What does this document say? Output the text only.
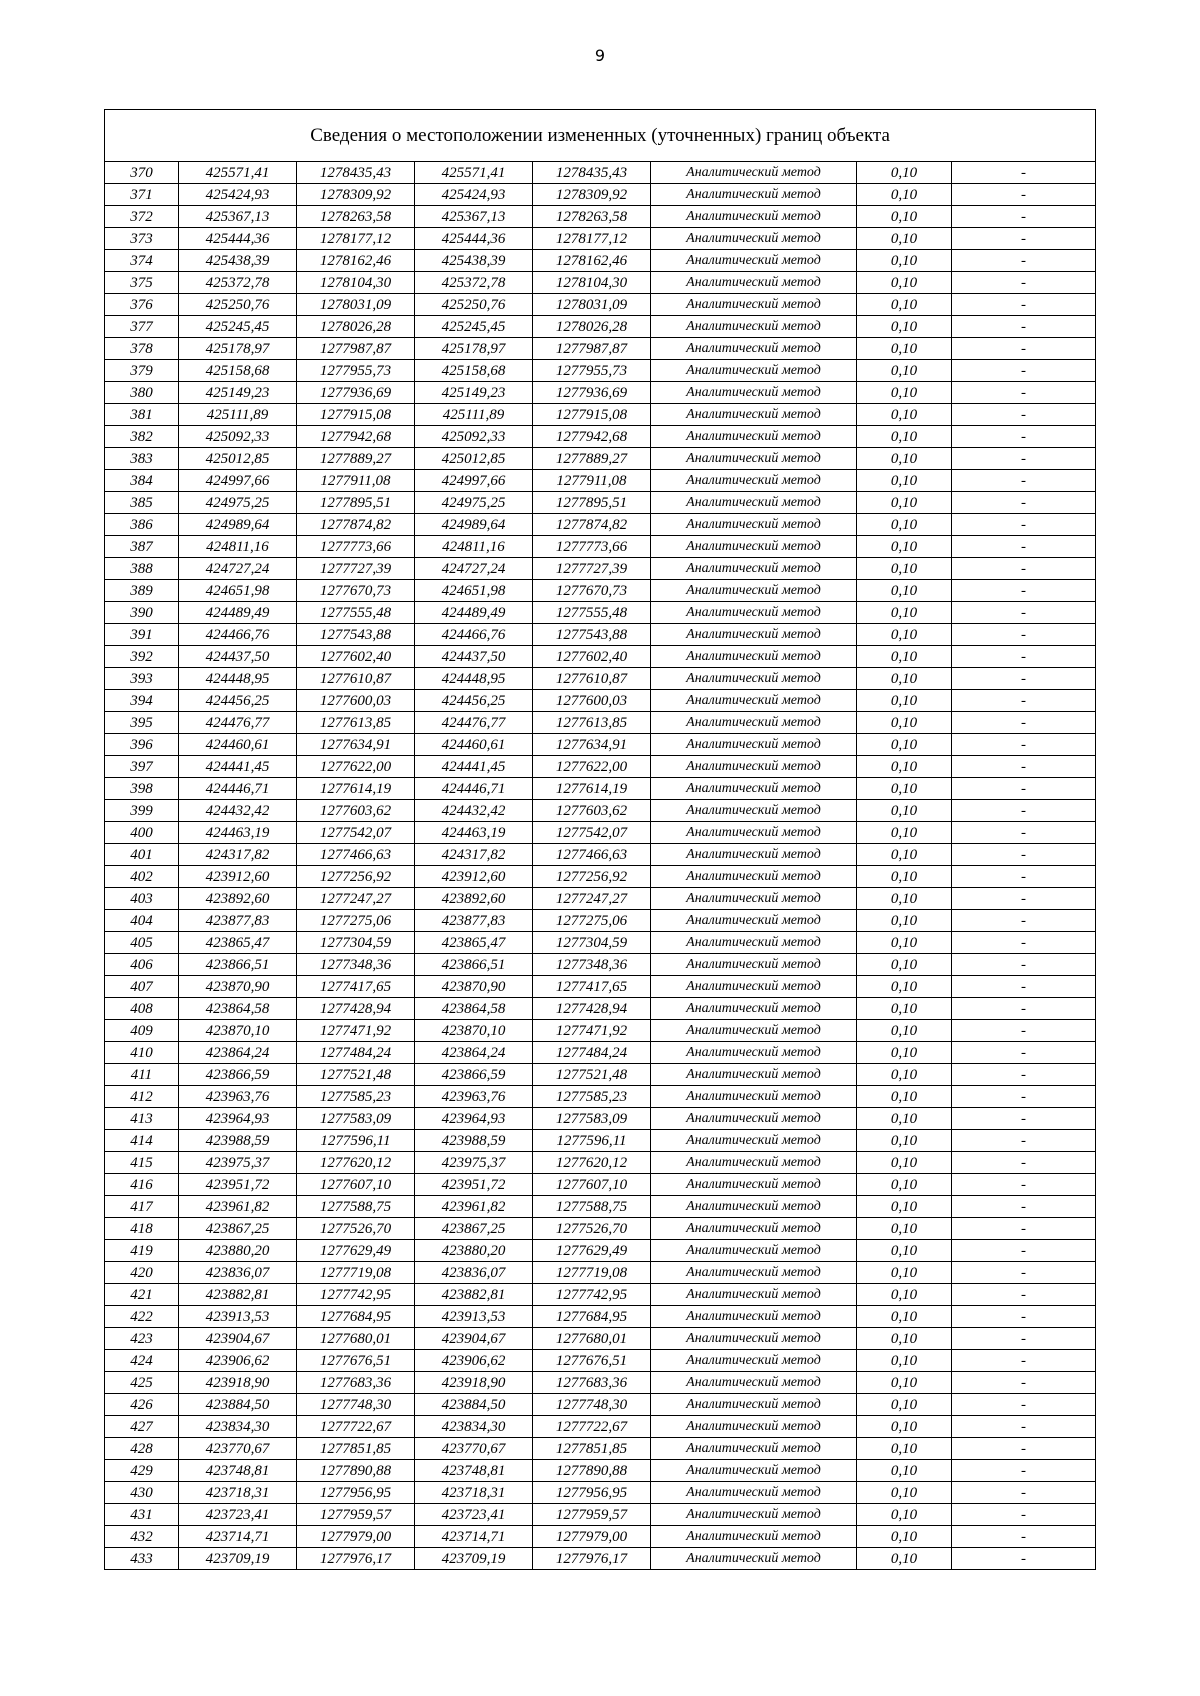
9
Сведения о местоположении измененных (уточненных) границ объекта							
370	425571,41	1278435,43	425571,41	1278435,43	Аналитический метод	0,10	-
371	425424,93	1278309,92	425424,93	1278309,92	Аналитический метод	0,10	-
372	425367,13	1278263,58	425367,13	1278263,58	Аналитический метод	0,10	-
373	425444,36	1278177,12	425444,36	1278177,12	Аналитический метод	0,10	-
374	425438,39	1278162,46	425438,39	1278162,46	Аналитический метод	0,10	-
375	425372,78	1278104,30	425372,78	1278104,30	Аналитический метод	0,10	-
376	425250,76	1278031,09	425250,76	1278031,09	Аналитический метод	0,10	-
377	425245,45	1278026,28	425245,45	1278026,28	Аналитический метод	0,10	-
378	425178,97	1277987,87	425178,97	1277987,87	Аналитический метод	0,10	-
379	425158,68	1277955,73	425158,68	1277955,73	Аналитический метод	0,10	-
380	425149,23	1277936,69	425149,23	1277936,69	Аналитический метод	0,10	-
381	425111,89	1277915,08	425111,89	1277915,08	Аналитический метод	0,10	-
382	425092,33	1277942,68	425092,33	1277942,68	Аналитический метод	0,10	-
383	425012,85	1277889,27	425012,85	1277889,27	Аналитический метод	0,10	-
384	424997,66	1277911,08	424997,66	1277911,08	Аналитический метод	0,10	-
385	424975,25	1277895,51	424975,25	1277895,51	Аналитический метод	0,10	-
386	424989,64	1277874,82	424989,64	1277874,82	Аналитический метод	0,10	-
387	424811,16	1277773,66	424811,16	1277773,66	Аналитический метод	0,10	-
388	424727,24	1277727,39	424727,24	1277727,39	Аналитический метод	0,10	-
389	424651,98	1277670,73	424651,98	1277670,73	Аналитический метод	0,10	-
390	424489,49	1277555,48	424489,49	1277555,48	Аналитический метод	0,10	-
391	424466,76	1277543,88	424466,76	1277543,88	Аналитический метод	0,10	-
392	424437,50	1277602,40	424437,50	1277602,40	Аналитический метод	0,10	-
393	424448,95	1277610,87	424448,95	1277610,87	Аналитический метод	0,10	-
394	424456,25	1277600,03	424456,25	1277600,03	Аналитический метод	0,10	-
395	424476,77	1277613,85	424476,77	1277613,85	Аналитический метод	0,10	-
396	424460,61	1277634,91	424460,61	1277634,91	Аналитический метод	0,10	-
397	424441,45	1277622,00	424441,45	1277622,00	Аналитический метод	0,10	-
398	424446,71	1277614,19	424446,71	1277614,19	Аналитический метод	0,10	-
399	424432,42	1277603,62	424432,42	1277603,62	Аналитический метод	0,10	-
400	424463,19	1277542,07	424463,19	1277542,07	Аналитический метод	0,10	-
401	424317,82	1277466,63	424317,82	1277466,63	Аналитический метод	0,10	-
402	423912,60	1277256,92	423912,60	1277256,92	Аналитический метод	0,10	-
403	423892,60	1277247,27	423892,60	1277247,27	Аналитический метод	0,10	-
404	423877,83	1277275,06	423877,83	1277275,06	Аналитический метод	0,10	-
405	423865,47	1277304,59	423865,47	1277304,59	Аналитический метод	0,10	-
406	423866,51	1277348,36	423866,51	1277348,36	Аналитический метод	0,10	-
407	423870,90	1277417,65	423870,90	1277417,65	Аналитический метод	0,10	-
408	423864,58	1277428,94	423864,58	1277428,94	Аналитический метод	0,10	-
409	423870,10	1277471,92	423870,10	1277471,92	Аналитический метод	0,10	-
410	423864,24	1277484,24	423864,24	1277484,24	Аналитический метод	0,10	-
411	423866,59	1277521,48	423866,59	1277521,48	Аналитический метод	0,10	-
412	423963,76	1277585,23	423963,76	1277585,23	Аналитический метод	0,10	-
413	423964,93	1277583,09	423964,93	1277583,09	Аналитический метод	0,10	-
414	423988,59	1277596,11	423988,59	1277596,11	Аналитический метод	0,10	-
415	423975,37	1277620,12	423975,37	1277620,12	Аналитический метод	0,10	-
416	423951,72	1277607,10	423951,72	1277607,10	Аналитический метод	0,10	-
417	423961,82	1277588,75	423961,82	1277588,75	Аналитический метод	0,10	-
418	423867,25	1277526,70	423867,25	1277526,70	Аналитический метод	0,10	-
419	423880,20	1277629,49	423880,20	1277629,49	Аналитический метод	0,10	-
420	423836,07	1277719,08	423836,07	1277719,08	Аналитический метод	0,10	-
421	423882,81	1277742,95	423882,81	1277742,95	Аналитический метод	0,10	-
422	423913,53	1277684,95	423913,53	1277684,95	Аналитический метод	0,10	-
423	423904,67	1277680,01	423904,67	1277680,01	Аналитический метод	0,10	-
424	423906,62	1277676,51	423906,62	1277676,51	Аналитический метод	0,10	-
425	423918,90	1277683,36	423918,90	1277683,36	Аналитический метод	0,10	-
426	423884,50	1277748,30	423884,50	1277748,30	Аналитический метод	0,10	-
427	423834,30	1277722,67	423834,30	1277722,67	Аналитический метод	0,10	-
428	423770,67	1277851,85	423770,67	1277851,85	Аналитический метод	0,10	-
429	423748,81	1277890,88	423748,81	1277890,88	Аналитический метод	0,10	-
430	423718,31	1277956,95	423718,31	1277956,95	Аналитический метод	0,10	-
431	423723,41	1277959,57	423723,41	1277959,57	Аналитический метод	0,10	-
432	423714,71	1277979,00	423714,71	1277979,00	Аналитический метод	0,10	-
433	423709,19	1277976,17	423709,19	1277976,17	Аналитический метод	0,10	-
